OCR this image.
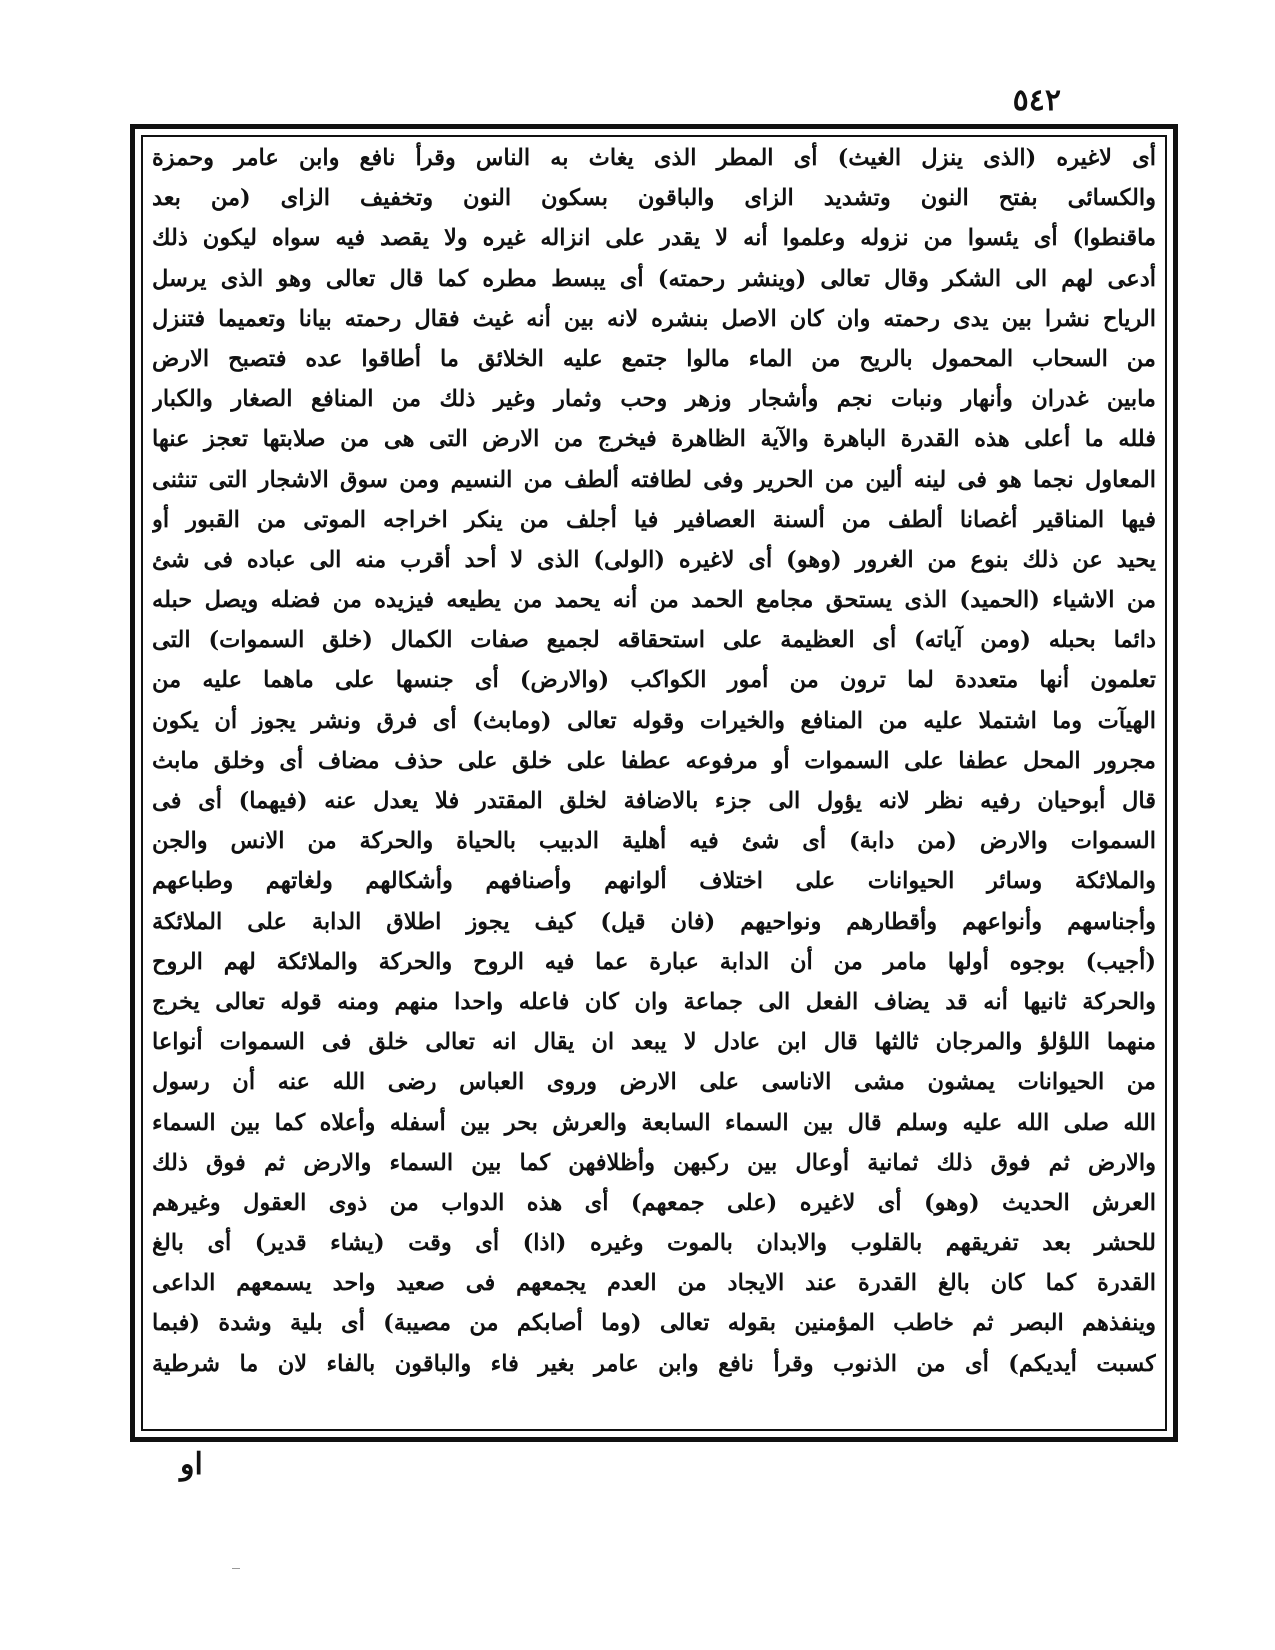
٥٤٢
أى لاغيره (الذى ينزل الغيث) أى المطر الذى يغاث به الناس وقرأ نافع وابن عامر وحمزة
والكسائى بفتح النون وتشديد الزاى والباقون بسكون النون وتخفيف الزاى (من بعد
ماقنطوا) أى يئسوا من نزوله وعلموا أنه لا يقدر على انزاله غيره ولا يقصد فيه سواه ليكون ذلك
أدعى لهم الى الشكر وقال تعالى (وينشر رحمته) أى يبسط مطره كما قال تعالى وهو الذى يرسل
الرياح نشرا بين يدى رحمته وان كان الاصل بنشره لانه بين أنه غيث فقال رحمته بيانا وتعميما فتنزل
من السحاب المحمول بالريح من الماء مالوا جتمع عليه الخلائق ما أطاقوا عده فتصبح الارض
مابين غدران وأنهار ونبات نجم وأشجار وزهر وحب وثمار وغير ذلك من المنافع الصغار والكبار
فلله ما أعلى هذه القدرة الباهرة والآية الظاهرة فيخرج من الارض التى هى من صلابتها تعجز عنها
المعاول نجما هو فى لينه ألين من الحرير وفى لطافته ألطف من النسيم ومن سوق الاشجار التى تنثنى
فيها المناقير أغصانا ألطف من ألسنة العصافير فيا أجلف من ينكر اخراجه الموتى من القبور أو
يحيد عن ذلك بنوع من الغرور (وهو) أى لاغيره (الولى) الذى لا أحد أقرب منه الى عباده فى شئ
من الاشياء (الحميد) الذى يستحق مجامع الحمد من أنه يحمد من يطيعه فيزيده من فضله ويصل حبله
دائما بحبله (ومن آياته) أى العظيمة على استحقاقه لجميع صفات الكمال (خلق السموات) التى
تعلمون أنها متعددة لما ترون من أمور الكواكب (والارض) أى جنسها على ماهما عليه من
الهيآت وما اشتملا عليه من المنافع والخيرات وقوله تعالى (ومابث) أى فرق ونشر يجوز أن يكون
مجرور المحل عطفا على السموات أو مرفوعه عطفا على خلق على حذف مضاف أى وخلق مابث
قال أبوحيان رفيه نظر لانه يؤول الى جزء بالاضافة لخلق المقتدر فلا يعدل عنه (فيهما) أى فى
السموات والارض (من دابة) أى شئ فيه أهلية الدبيب بالحياة والحركة من الانس والجن
والملائكة وسائر الحيوانات على اختلاف ألوانهم وأصنافهم وأشكالهم ولغاتهم وطباعهم
وأجناسهم وأنواعهم وأقطارهم ونواحيهم (فان قيل) كيف يجوز اطلاق الدابة على الملائكة
(أجيب) بوجوه أولها مامر من أن الدابة عبارة عما فيه الروح والحركة والملائكة لهم الروح
والحركة ثانيها أنه قد يضاف الفعل الى جماعة وان كان فاعله واحدا منهم ومنه قوله تعالى يخرج
منهما اللؤلؤ والمرجان ثالثها قال ابن عادل لا يبعد ان يقال انه تعالى خلق فى السموات أنواعا
من الحيوانات يمشون مشى الاناسى على الارض وروى العباس رضى الله عنه أن رسول
الله صلى الله عليه وسلم قال بين السماء السابعة والعرش بحر بين أسفله وأعلاه كما بين السماء
والارض ثم فوق ذلك ثمانية أوعال بين ركبهن وأظلافهن كما بين السماء والارض ثم فوق ذلك
العرش الحديث (وهو) أى لاغيره (على جمعهم) أى هذه الدواب من ذوى العقول وغيرهم
للحشر بعد تفريقهم بالقلوب والابدان بالموت وغيره (اذا) أى وقت (يشاء قدير) أى بالغ
القدرة كما كان بالغ القدرة عند الايجاد من العدم يجمعهم فى صعيد واحد يسمعهم الداعى
وينفذهم البصر ثم خاطب المؤمنين بقوله تعالى (وما أصابكم من مصيبة) أى بلية وشدة (فبما
كسبت أيديكم) أى من الذنوب وقرأ نافع وابن عامر بغير فاء والباقون بالفاء لان ما شرطية
او
